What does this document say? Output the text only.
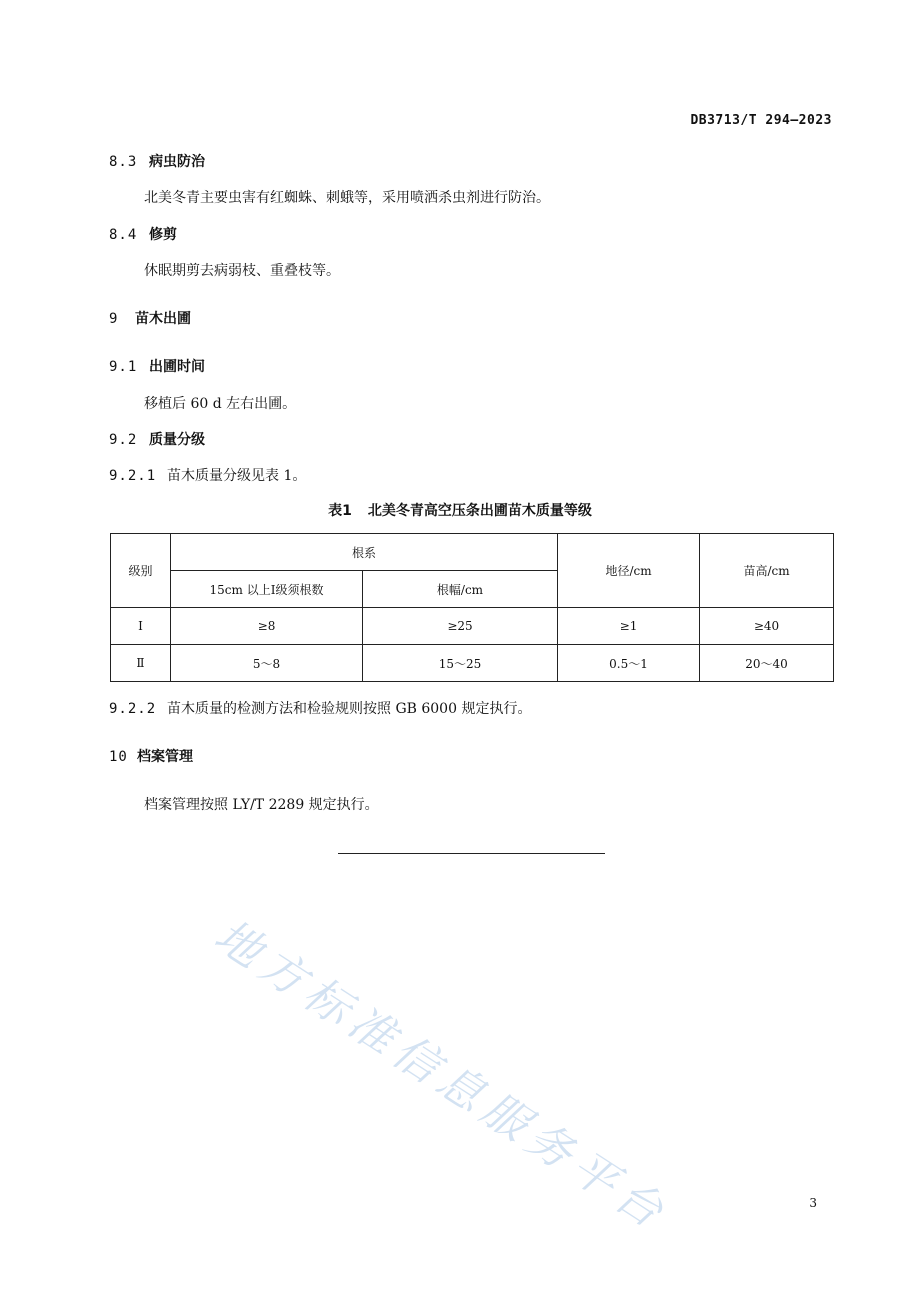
DB3713/T 294—2023
8.3 病虫防治
北美冬青主要虫害有红蜘蛛、刺蛾等，采用喷洒杀虫剂进行防治。
8.4 修剪
休眠期剪去病弱枝、重叠枝等。
9 苗木出圃
9.1 出圃时间
移植后 60 d 左右出圃。
9.2 质量分级
9.2.1 苗木质量分级见表 1。
表1 北美冬青高空压条出圃苗木质量等级
级别	根系		地径/cm	苗高/cm
	15cm 以上Ⅰ级须根数	根幅/cm		
Ⅰ	≥8	≥25	≥1	≥40
Ⅱ	5～8	15～25	0.5～1	20～40
9.2.2 苗木质量的检测方法和检验规则按照 GB 6000 规定执行。
10 档案管理
档案管理按照 LY/T 2289 规定执行。
地方标准信息服务平台	3
